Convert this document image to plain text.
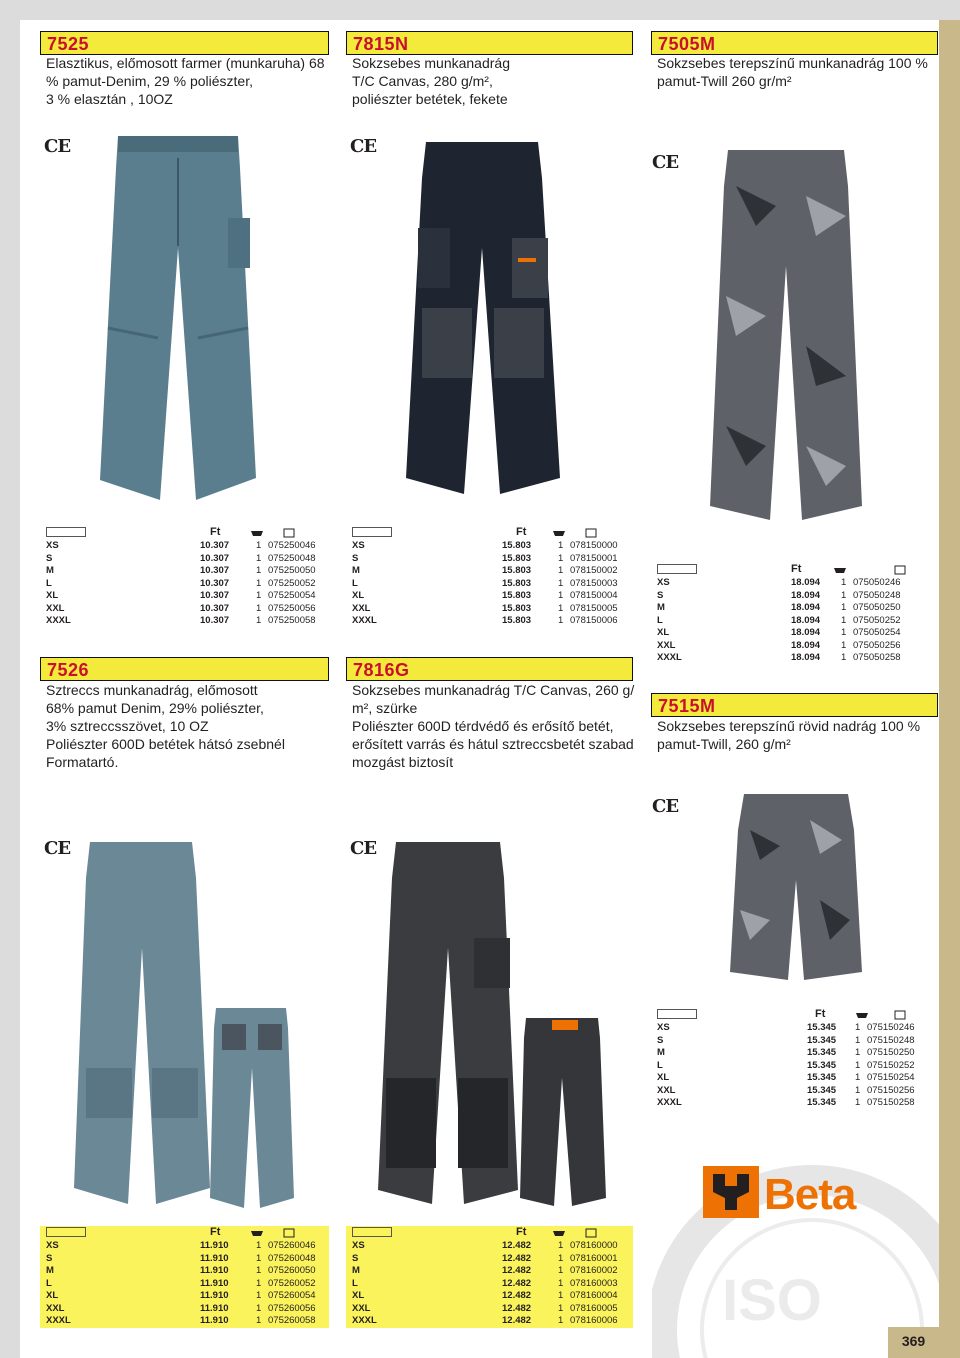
7525
Elasztikus, előmosott farmer (munkaruha) 68
% pamut-Denim, 29 % poliészter,
3 % elasztán , 10OZ
CE
Ft
XS	10.307	1 075250046
S	10.307	1 075250048
M	10.307	1 075250050
L	10.307	1 075250052
XL	10.307	1 075250054
XXL	10.307	1 075250056
XXXL	10.307	1 075250058
7815N
Sokzsebes munkanadrág
T/C Canvas, 280 g/m²,
poliészter betétek, fekete
CE
Ft
XS	15.803	1 078150000
S	15.803	1 078150001
M	15.803	1 078150002
L	15.803	1 078150003
XL	15.803	1 078150004
XXL	15.803	1 078150005
XXXL	15.803	1 078150006
7505M
Sokzsebes terepszínű munkanadrág 100 %
pamut-Twill 260 gr/m²
CE
Ft
XS	18.094 1 075050246
S	18.094 1 075050248
M	18.094 1 075050250
L	18.094 1 075050252
XL	18.094 1 075050254
XXL	18.094 1 075050256
XXXL	18.094 1 075050258
7526
Sztreccs munkanadrág, előmosott
68% pamut Denim, 29% poliészter,
3% sztreccsszövet, 10 OZ
Poliészter 600D betétek hátsó zsebnél
Formatartó.
CE
Ft
XS	11.910	1 075260046
S	11.910	1 075260048
M	11.910	1 075260050
L	11.910	1 075260052
XL	11.910	1 075260054
XXL	11.910	1 075260056
XXXL	11.910	1 075260058
7816G
Sokzsebes munkanadrág T/C Canvas, 260 g/
m², szürke
Poliészter 600D térdvédő és erősítő betét,
erősített varrás és hátul sztreccsbetét szabad
mozgást biztosít
CE
Ft
XS	12.482	1 078160000
S	12.482	1 078160001
M	12.482	1 078160002
L	12.482	1 078160003
XL	12.482	1 078160004
XXL	12.482	1 078160005
XXXL	12.482	1 078160006
7515M
Sokzsebes terepszínű rövid nadrág 100 %
pamut-Twill, 260 g/m²
CE
Ft
XS	15.345 1 075150246
S	15.345 1 075150248
M	15.345 1 075150250
L	15.345 1 075150252
XL	15.345 1 075150254
XXL	15.345 1 075150256
XXXL	15.345 1 075150258
ISO
Beta
369
